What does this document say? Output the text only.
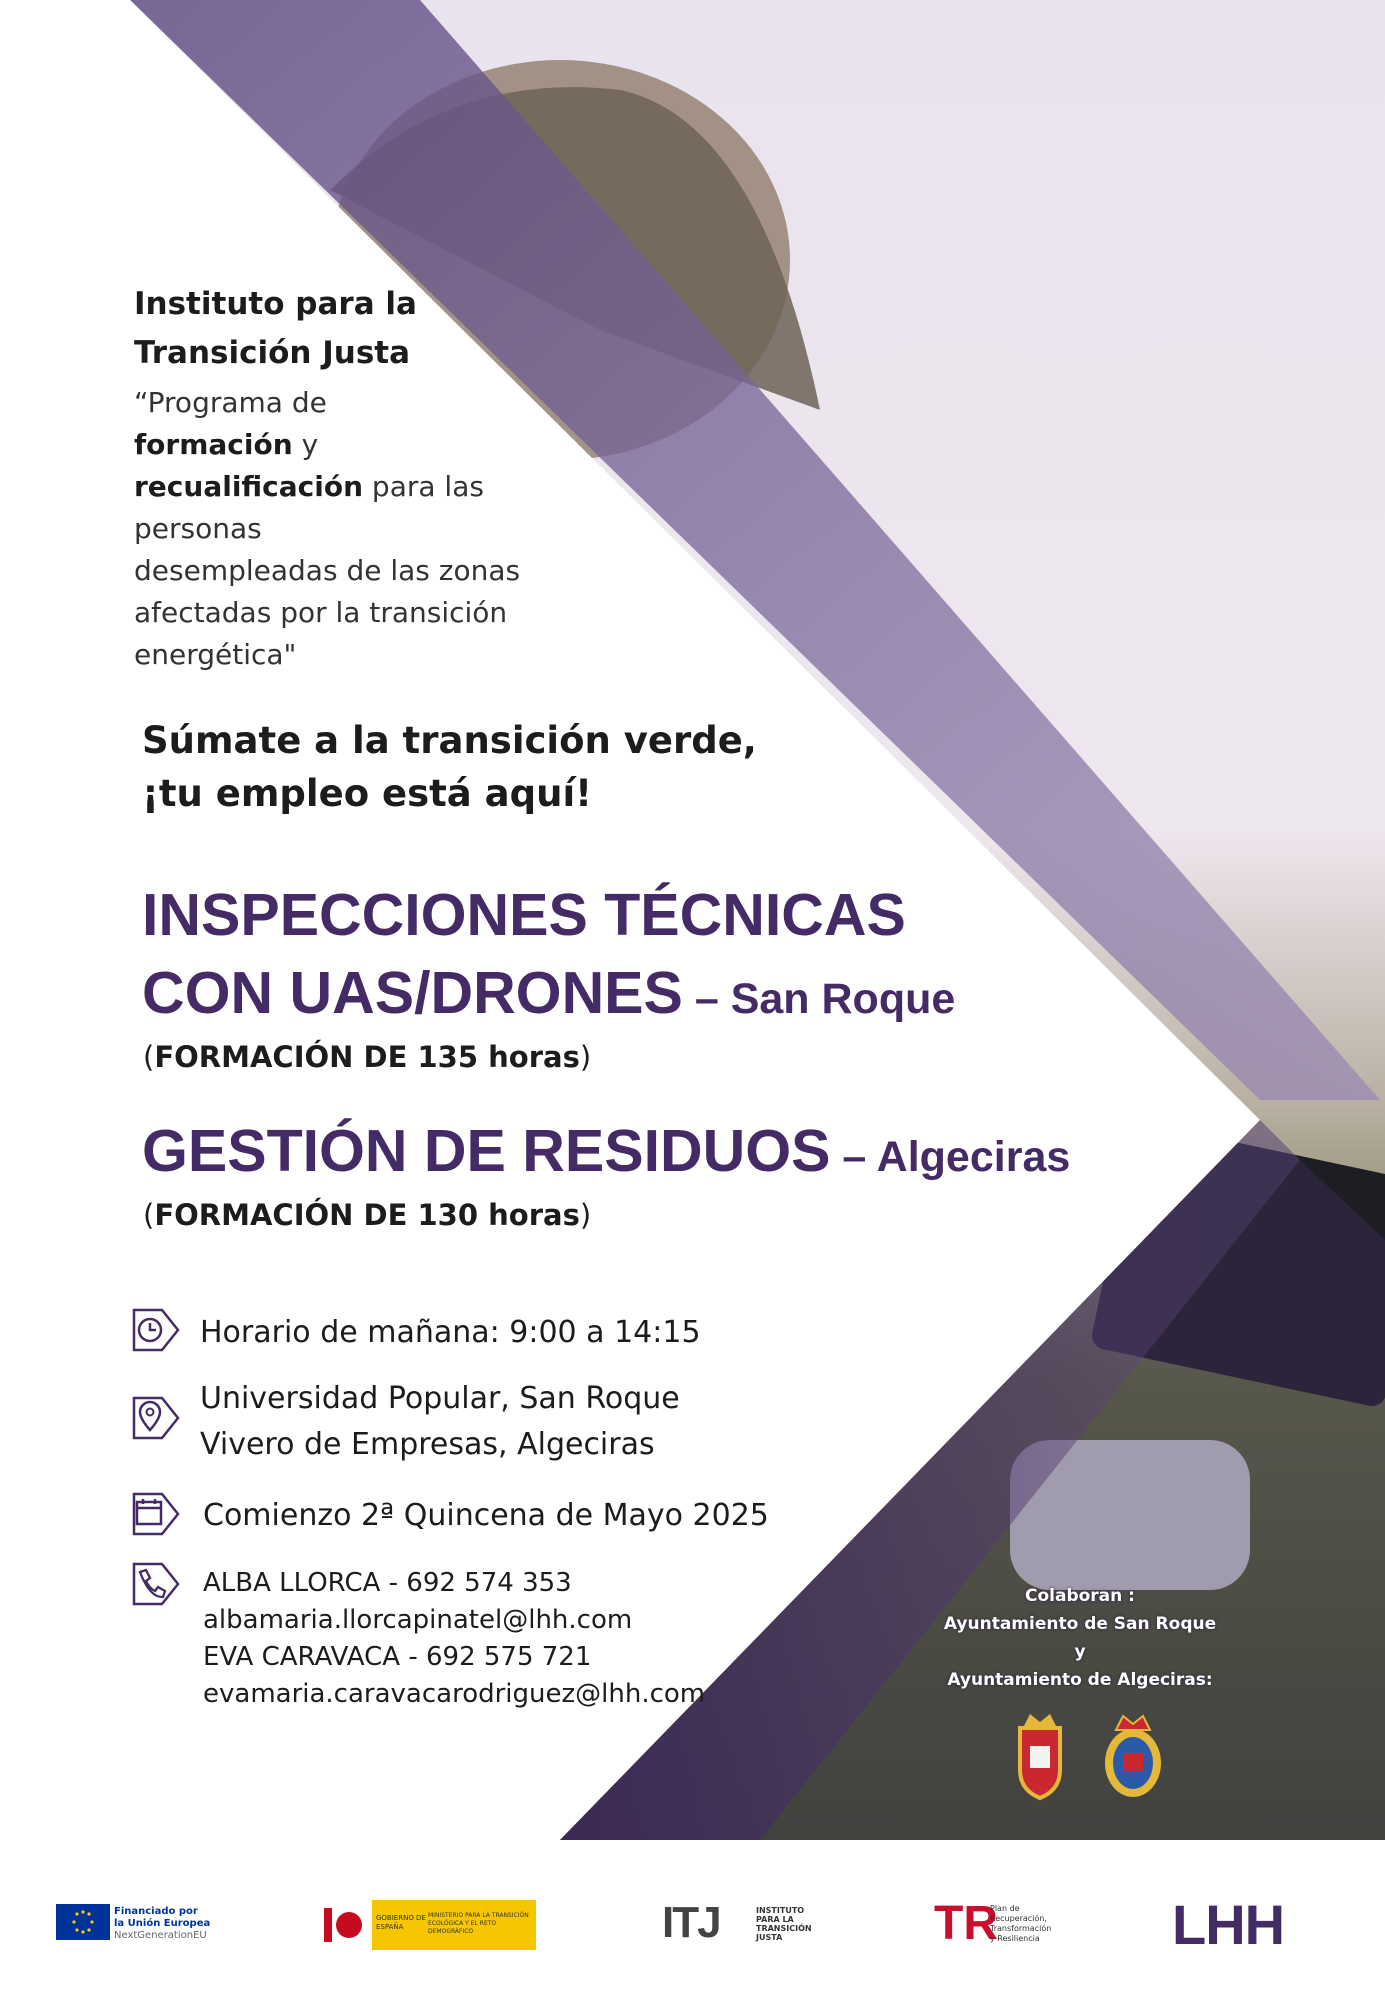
Instituto para la
Transición Justa
“Programa de
formación y
recualificación para las personas
desempleadas de las zonas
afectadas por la transición
energética"
Súmate a la transición verde,
¡tu empleo está aquí!
INSPECCIONES TÉCNICAS
CON UAS/DRONES – San Roque
(FORMACIÓN DE 135 horas)
GESTIÓN DE RESIDUOS – Algeciras
(FORMACIÓN DE 130 horas)
Horario de mañana: 9:00 a 14:15
Universidad Popular, San Roque
Vivero de Empresas, Algeciras
Comienzo 2ª Quincena de Mayo 2025
ALBA LLORCA - 692 574 353
albamaria.llorcapinatel@lhh.com
EVA CARAVACA - 692 575 721
evamaria.caravacarodriguez@lhh.com
Colaboran :
Ayuntamiento de San Roque
y
Ayuntamiento de Algeciras:
Financiado por
la Unión Europea
NextGenerationEU
GOBIERNO DE ESPAÑA
MINISTERIO PARA LA TRANSICIÓN ECOLÓGICA Y EL RETO DEMOGRÁFICO	ITJ	INSTITUTO
PARA LA
TRANSICIÓN
JUSTA	TR
Plan de
Recuperación,
Transformación
y Resiliencia LHH
